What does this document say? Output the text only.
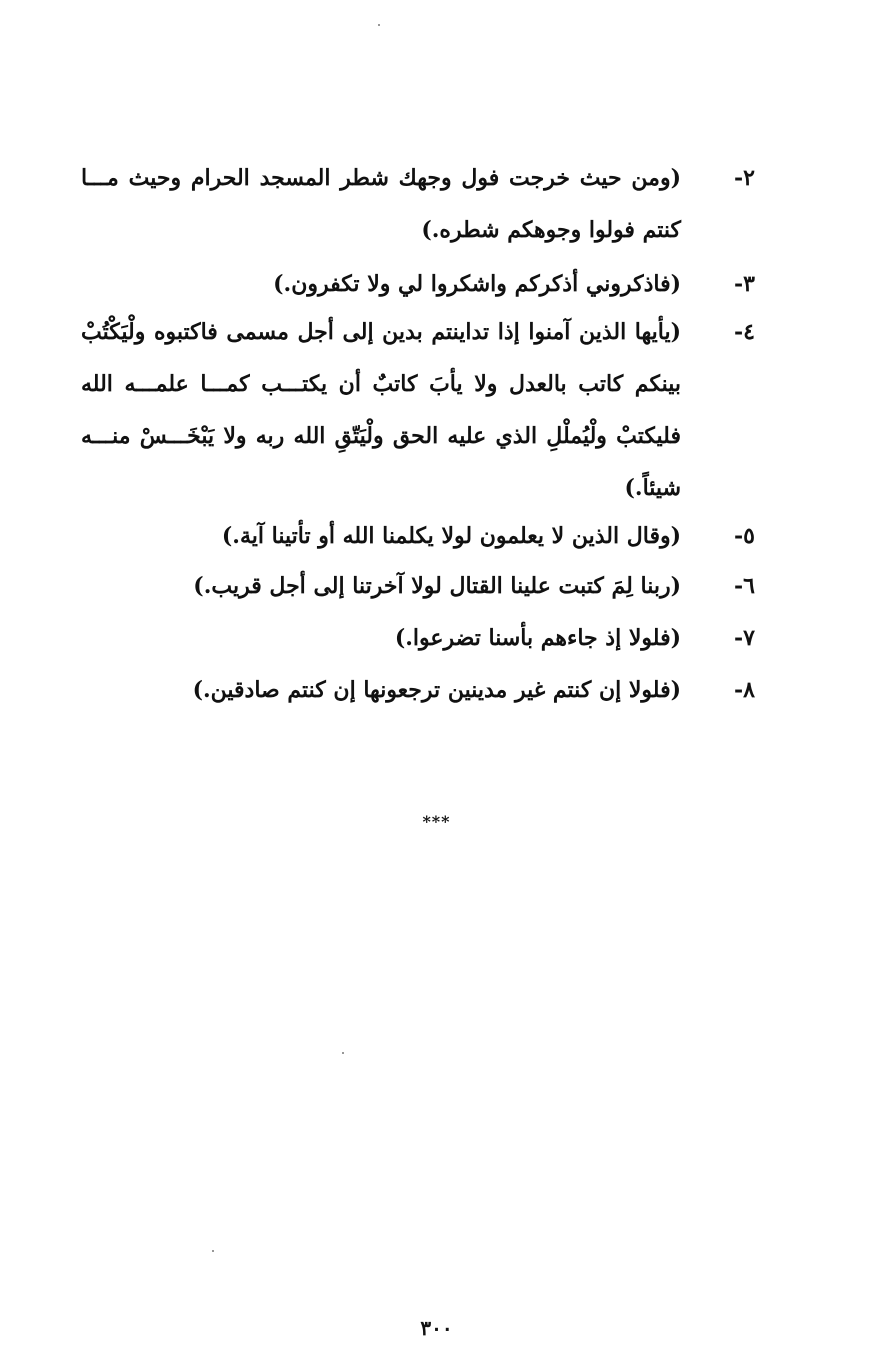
٢-
(ومن حيث خرجت فول وجهك شطر المسجد الحرام وحيث مـــا كنتم فولوا وجوهكم شطره.)
٣-
(فاذكروني أذكركم واشكروا لي ولا تكفرون.)
٤-
(يأيها الذين آمنوا إذا تداينتم بدين إلى أجل مسمى فاكتبوه ولْيَكْتُبْ بينكم كاتب بالعدل ولا يأبَ كاتبٌ أن يكتـــب كمـــا علمـــه الله فليكتبْ ولْيُملْلِ الذي عليه الحق ولْيَتّقِ الله ربه ولا يَبْخَـــسْ منـــه شيئاً.)
٥-
(وقال الذين لا يعلمون لولا يكلمنا الله أو تأتينا آية.)
٦-
(ربنا لِمَ كتبت علينا القتال لولا آخرتنا إلى أجل قريب.)
٧-
(فلولا إذ جاءهم بأسنا تضرعوا.)
٨-
(فلولا إن كنتم غير مدينين ترجعونها إن كنتم صادقين.)
***
٣٠٠
